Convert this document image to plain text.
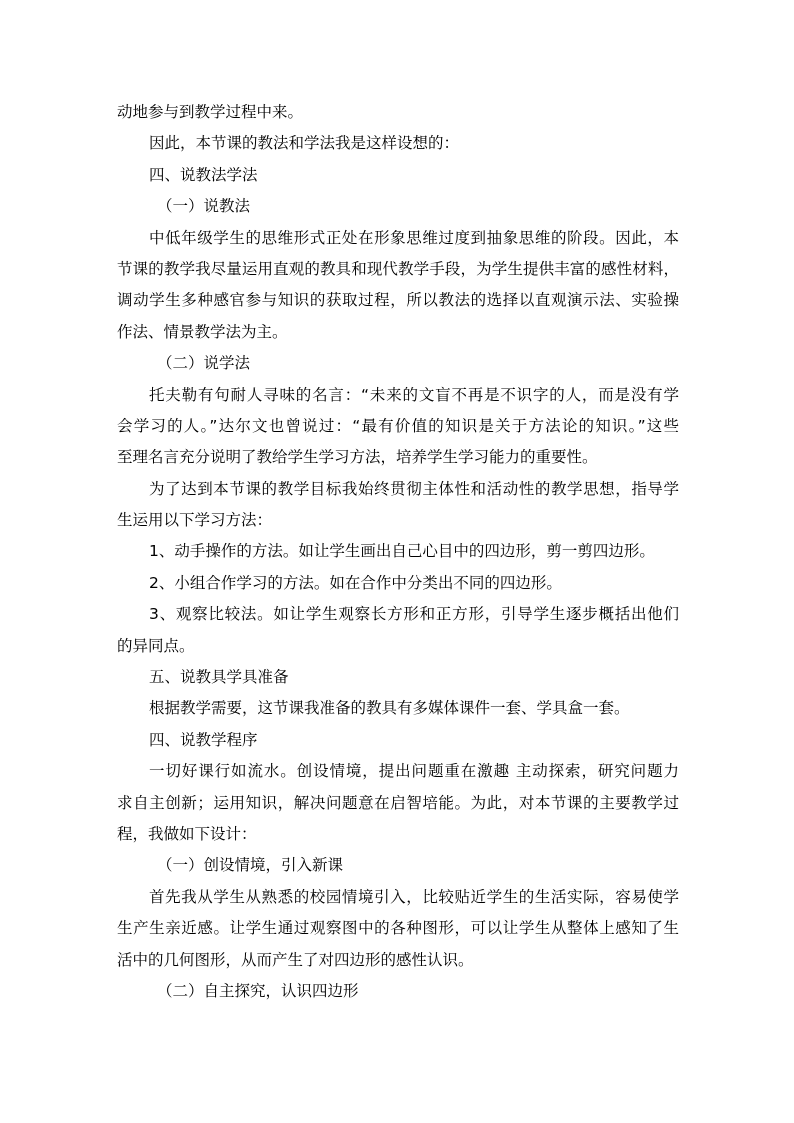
动地参与到教学过程中来。
因此，本节课的教法和学法我是这样设想的：
四、说教法学法
（一）说教法
中低年级学生的思维形式正处在形象思维过度到抽象思维的阶段。因此，本
节课的教学我尽量运用直观的教具和现代教学手段，为学生提供丰富的感性材料，
调动学生多种感官参与知识的获取过程，所以教法的选择以直观演示法、实验操
作法、情景教学法为主。
（二）说学法
托夫勒有句耐人寻味的名言：“未来的文盲不再是不识字的人，而是没有学
会学习的人。”达尔文也曾说过：“最有价值的知识是关于方法论的知识。”这些
至理名言充分说明了教给学生学习方法，培养学生学习能力的重要性。
为了达到本节课的教学目标我始终贯彻主体性和活动性的教学思想，指导学
生运用以下学习方法：
1、动手操作的方法。如让学生画出自己心目中的四边形，剪一剪四边形。
2、小组合作学习的方法。如在合作中分类出不同的四边形。
3、观察比较法。如让学生观察长方形和正方形，引导学生逐步概括出他们
的异同点。
五、说教具学具准备
根据教学需要，这节课我准备的教具有多媒体课件一套、学具盒一套。
四、说教学程序
一切好课行如流水。创设情境，提出问题重在激趣 主动探索，研究问题力
求自主创新；运用知识，解决问题意在启智培能。为此，对本节课的主要教学过
程，我做如下设计：
（一）创设情境，引入新课
首先我从学生从熟悉的校园情境引入，比较贴近学生的生活实际，容易使学
生产生亲近感。让学生通过观察图中的各种图形，可以让学生从整体上感知了生
活中的几何图形，从而产生了对四边形的感性认识。
（二）自主探究，认识四边形
